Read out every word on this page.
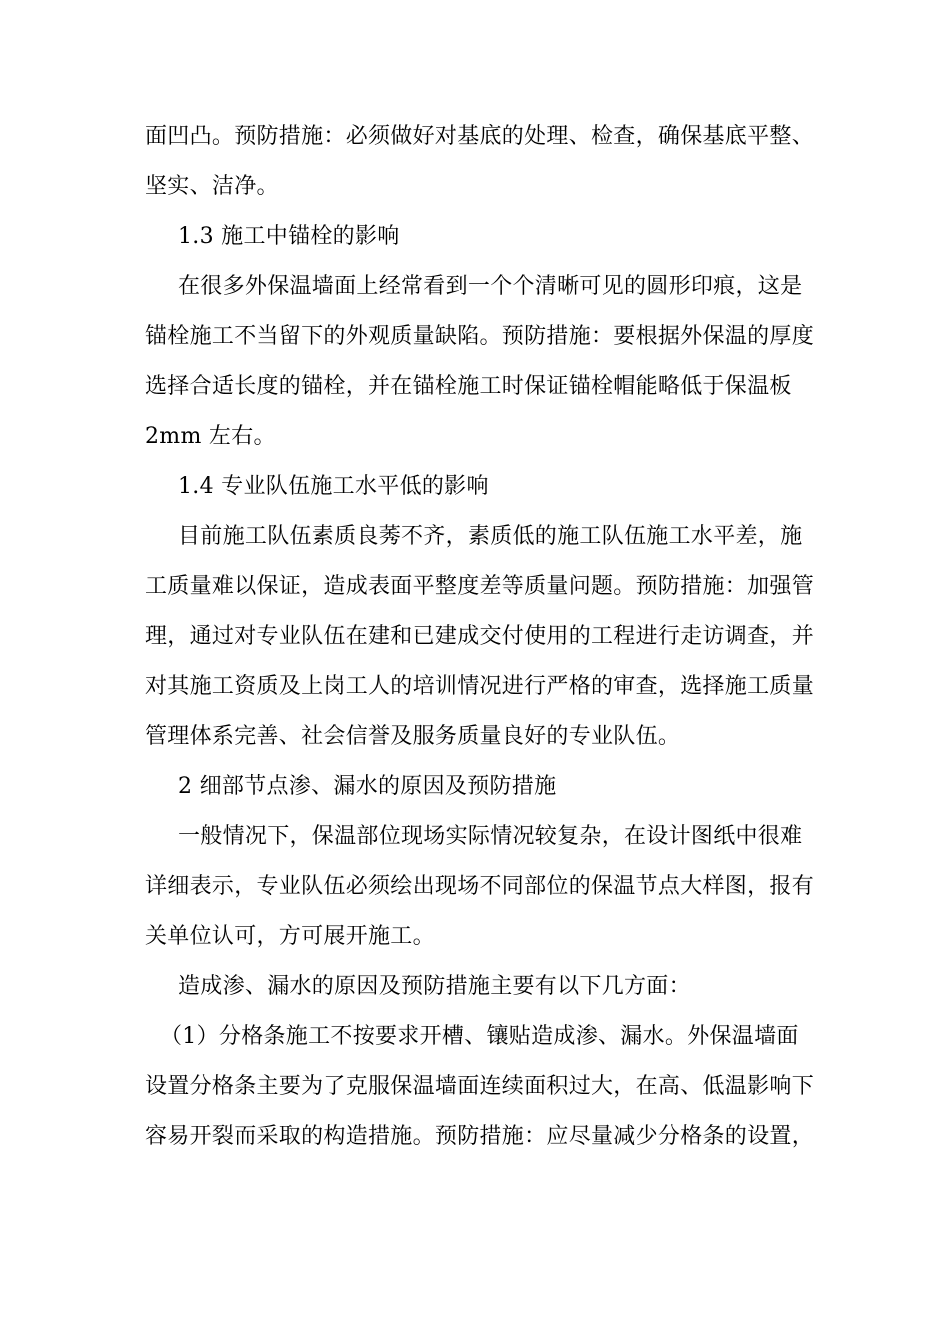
面凹凸。预防措施：必须做好对基底的处理、检查，确保基底平整、
坚实、洁净。
1.3 施工中锚栓的影响
在很多外保温墙面上经常看到一个个清晰可见的圆形印痕，这是
锚栓施工不当留下的外观质量缺陷。预防措施：要根据外保温的厚度
选择合适长度的锚栓，并在锚栓施工时保证锚栓帽能略低于保温板
2mm 左右。
1.4 专业队伍施工水平低的影响
目前施工队伍素质良莠不齐，素质低的施工队伍施工水平差，施
工质量难以保证，造成表面平整度差等质量问题。预防措施：加强管
理，通过对专业队伍在建和已建成交付使用的工程进行走访调查，并
对其施工资质及上岗工人的培训情况进行严格的审查，选择施工质量
管理体系完善、社会信誉及服务质量良好的专业队伍。
2 细部节点渗、漏水的原因及预防措施
一般情况下，保温部位现场实际情况较复杂，在设计图纸中很难
详细表示，专业队伍必须绘出现场不同部位的保温节点大样图，报有
关单位认可，方可展开施工。
造成渗、漏水的原因及预防措施主要有以下几方面：
（1）分格条施工不按要求开槽、镶贴造成渗、漏水。外保温墙面
设置分格条主要为了克服保温墙面连续面积过大，在高、低温影响下
容易开裂而采取的构造措施。预防措施：应尽量减少分格条的设置，
